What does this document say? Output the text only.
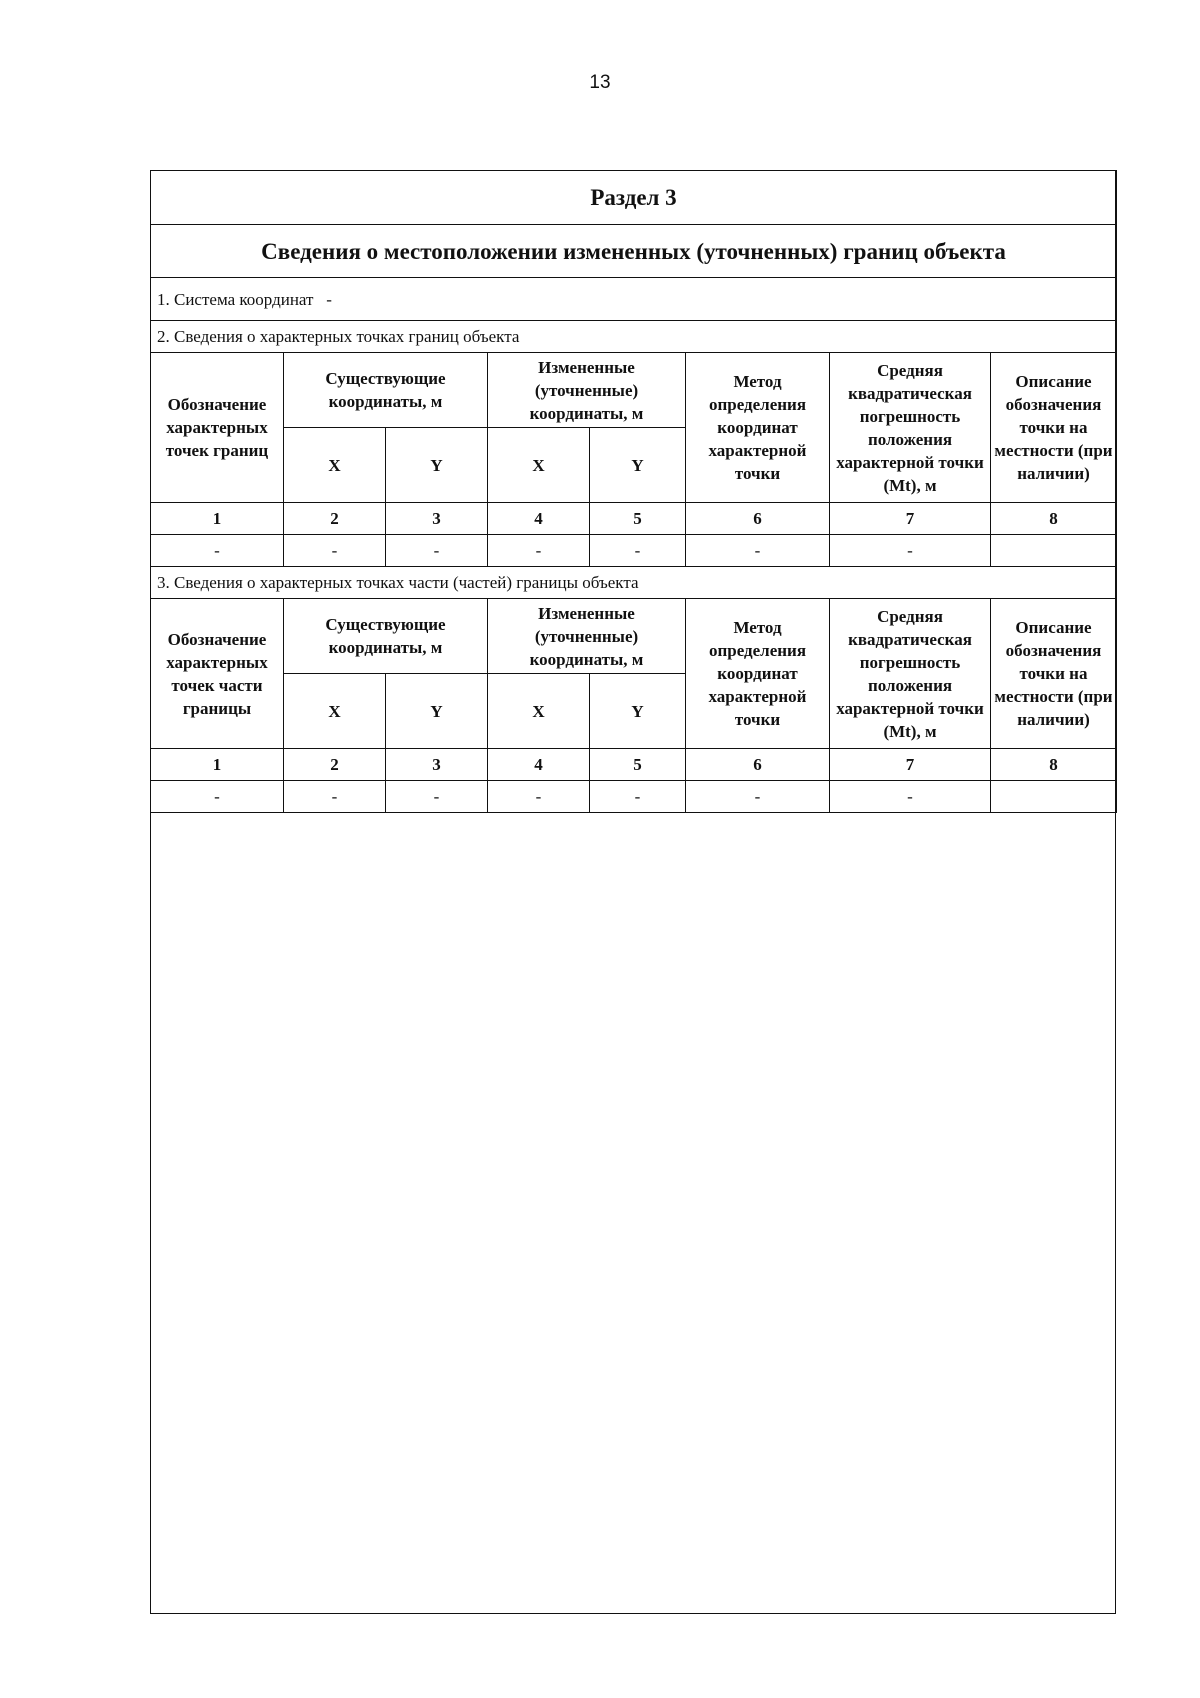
13
Раздел 3							
Сведения о местоположении измененных (уточненных) границ объекта							
1. Система координат -							
2. Сведения о характерных точках границ объекта							
Обозначение характерных точек границ	Существующие координаты, м		Измененные (уточненные) координаты, м		Метод определения координат характерной точки	Средняя квадратическая погрешность положения характерной точки (Mt), м	Описание обозначения точки на местности (при наличии)
	X	Y	X	Y			
1	2	3	4	5	6	7	8
-	-	-	-	-	-	-	
3. Сведения о характерных точках части (частей) границы объекта							
Обозначение характерных точек части границы	Существующие координаты, м		Измененные (уточненные) координаты, м		Метод определения координат характерной точки	Средняя квадратическая погрешность положения характерной точки (Mt), м	Описание обозначения точки на местности (при наличии)
	X	Y	X	Y			
1	2	3	4	5	6	7	8
-	-	-	-	-	-	-	
